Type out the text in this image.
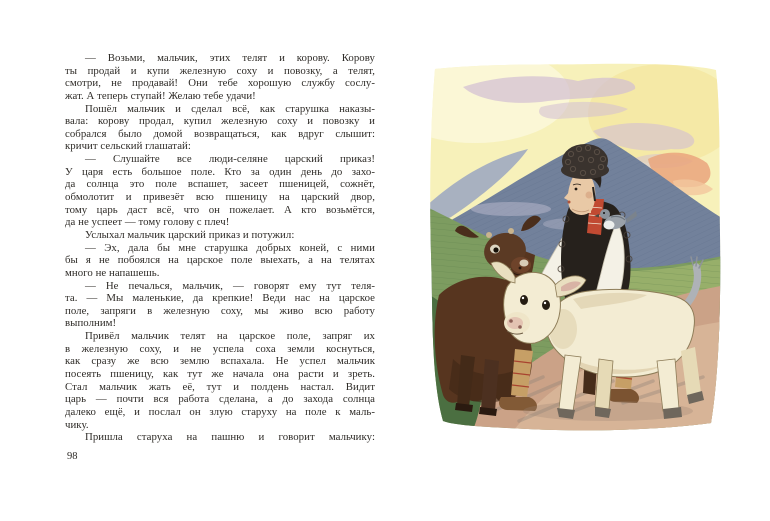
— Возьми, мальчик, этих телят и корову. Корову
ты продай и купи железную соху и повозку, а телят,
смотри, не продавай! Они тебе хорошую службу сослу-
жат. А теперь ступай! Желаю тебе удачи!
Пошёл мальчик и сделал всё, как старушка наказы-
вала: корову продал, купил железную соху и повозку и
собрался было домой возвращаться, как вдруг слышит:
кричит сельский глашатай:
— Слушайте все люди-селяне царский приказ!
У царя есть большое поле. Кто за один день до захо-
да солнца это поле вспашет, засеет пшеницей, сожнёт,
обмолотит и привезёт всю пшеницу на царский двор,
тому царь даст всё, что он пожелает. А кто возьмётся,
да не успеет — тому голову с плеч!
Услыхал мальчик царский приказ и потужил:
— Эх, дала бы мне старушка добрых коней, с ними
бы я не побоялся на царское поле выехать, а на телятах
много не напашешь.
— Не печалься, мальчик, — говорят ему тут теля-
та. — Мы маленькие, да крепкие! Веди нас на царское
поле, запряги в железную соху, мы живо всю работу
выполним!
Привёл мальчик телят на царское поле, запряг их
в железную соху, и не успела соха земли коснуться,
как сразу же всю землю вспахала. Не успел мальчик
посеять пшеницу, как тут же начала она расти и зреть.
Стал мальчик жать её, тут и полдень настал. Видит
царь — почти вся работа сделана, а до захода солнца
далеко ещё, и послал он злую старуху на поле к маль-
чику.
Пришла старуха на пашню и говорит мальчику:
98
